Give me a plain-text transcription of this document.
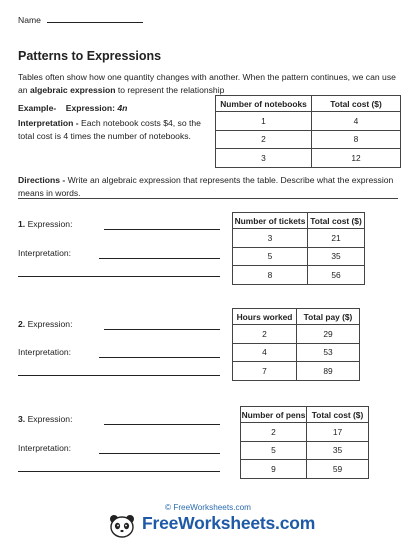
Name
Patterns to Expressions
Tables often show how one quantity changes with another. When the pattern continues, we can use an algebraic expression to represent the relationship
Example- Expression: 4n
Interpretation - Each notebook costs $4, so the total cost is 4 times the number of notebooks.
Number of notebooks	Total cost ($)
1	4
2	8
3	12
Directions - Write an algebraic expression that represents the table. Describe what the expression means in words.
1. Expression:
Interpretation:
Number of tickets	Total cost ($)
3	21
5	35
8	56
2. Expression:
Interpretation:
Hours worked	Total pay ($)
2	29
4	53
7	89
3. Expression:
Interpretation:
Number of pens	Total cost ($)
2	17
5	35
9	59
© FreeWorksheets.com
FreeWorksheets.com
